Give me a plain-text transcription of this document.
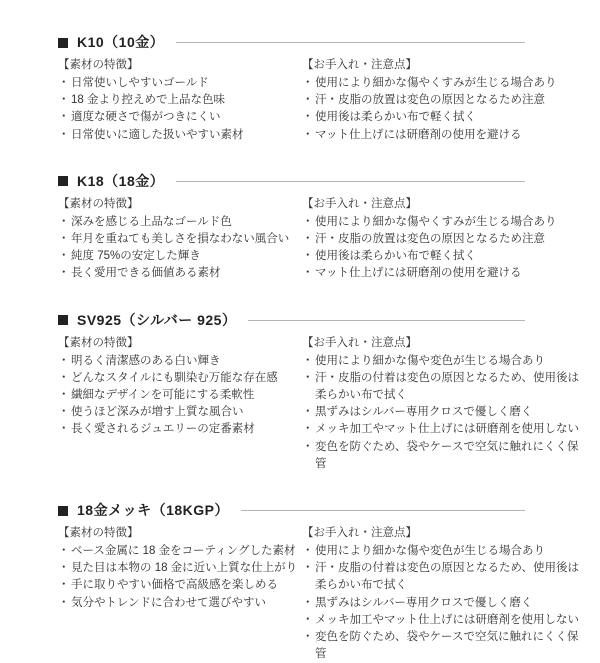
K10（10金）
【素材の特徴】
・ 日常使いしやすいゴールド
・ 18 金より控えめで上品な色味
・ 適度な硬さで傷がつきにくい
・ 日常使いに適した扱いやすい素材
【お手入れ・注意点】
・ 使用により細かな傷やくすみが生じる場合あり
・ 汗・皮脂の放置は変色の原因となるため注意
・ 使用後は柔らかい布で軽く拭く
・ マット仕上げには研磨剤の使用を避ける
K18（18金）
【素材の特徴】
・ 深みを感じる上品なゴールド色
・ 年月を重ねても美しさを損なわない風合い
・ 純度 75%の安定した輝き
・ 長く愛用できる価値ある素材
【お手入れ・注意点】
・ 使用により細かな傷やくすみが生じる場合あり
・ 汗・皮脂の放置は変色の原因となるため注意
・ 使用後は柔らかい布で軽く拭く
・ マット仕上げには研磨剤の使用を避ける
SV925（シルバー 925）
【素材の特徴】
・ 明るく清潔感のある白い輝き
・ どんなスタイルにも馴染む万能な存在感
・ 繊細なデザインを可能にする柔軟性
・ 使うほど深みが増す上質な風合い
・ 長く愛されるジュエリーの定番素材
【お手入れ・注意点】
・ 使用により細かな傷や変色が生じる場合あり
・ 汗・皮脂の付着は変色の原因となるため、使用後は柔らかい布で拭く
・ 黒ずみはシルバー専用クロスで優しく磨く
・ メッキ加工やマット仕上げには研磨剤を使用しない
・ 変色を防ぐため、袋やケースで空気に触れにくく保管
18金メッキ（18KGP）
【素材の特徴】
・ ベース金属に 18 金をコーティングした素材
・ 見た目は本物の 18 金に近い上質な仕上がり
・ 手に取りやすい価格で高級感を楽しめる
・ 気分やトレンドに合わせて選びやすい
【お手入れ・注意点】
・ 使用により細かな傷や変色が生じる場合あり
・ 汗・皮脂の付着は変色の原因となるため、使用後は柔らかい布で拭く
・ 黒ずみはシルバー専用クロスで優しく磨く
・ メッキ加工やマット仕上げには研磨剤を使用しない
・ 変色を防ぐため、袋やケースで空気に触れにくく保管
